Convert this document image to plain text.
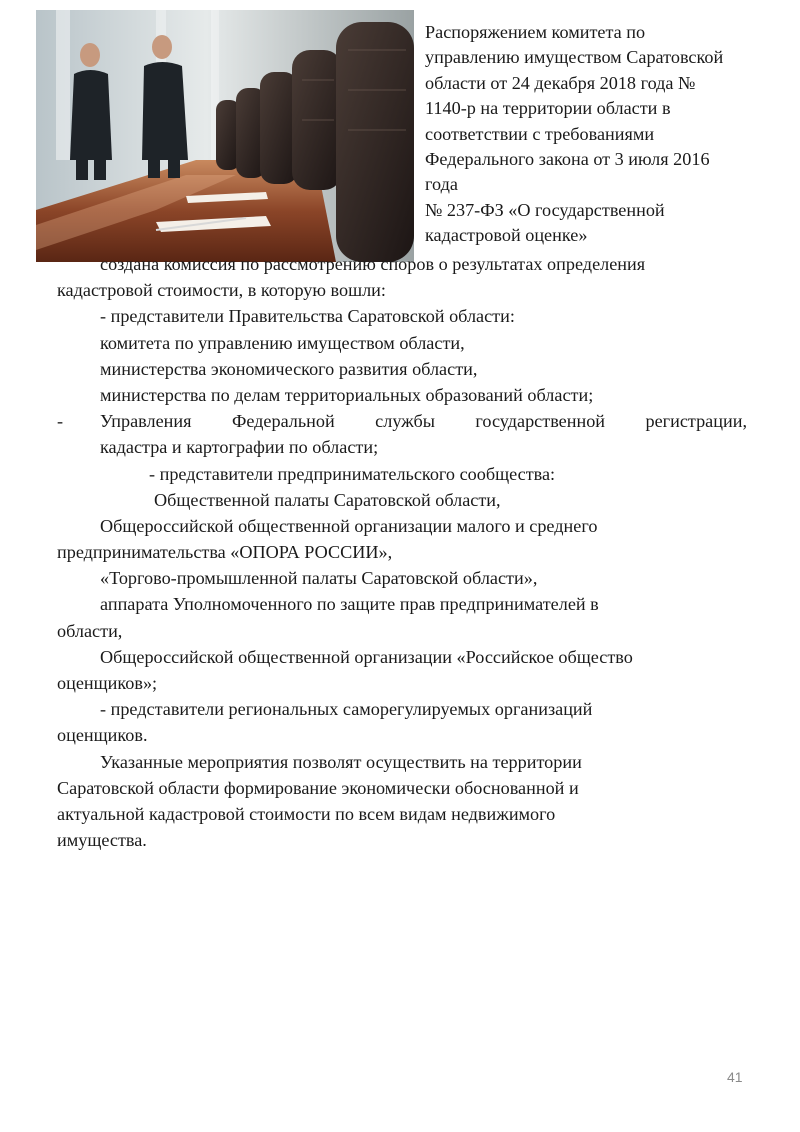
Распоряжением комитета по
управлению имуществом Саратовской
области от 24 декабря 2018 года №
1140-р на территории области в
соответствии с требованиями
Федерального закона от 3 июля 2016
года
№ 237-ФЗ «О государственной
кадастровой оценке»
создана комиссия по рассмотрению споров о результатах определения
кадастровой стоимости, в которую вошли:
- представители Правительства Саратовской области:
комитета по управлению имуществом области,
министерства экономического развития области,
министерства по делам территориальных образований области;
- Управления Федеральной службы государственной регистрации,
кадастра и картографии по области;
- представители предпринимательского сообщества:
Общественной палаты Саратовской области,
Общероссийской общественной организации малого и среднего
предпринимательства «ОПОРА РОССИИ»,
«Торгово-промышленной палаты Саратовской области»,
аппарата Уполномоченного по защите прав предпринимателей в
области,
Общероссийской общественной организации «Российское общество
оценщиков»;
- представители региональных саморегулируемых организаций
оценщиков.
Указанные мероприятия позволят осуществить на территории
Саратовской области формирование экономически обоснованной и
актуальной кадастровой стоимости по всем видам недвижимого
имущества.
41
